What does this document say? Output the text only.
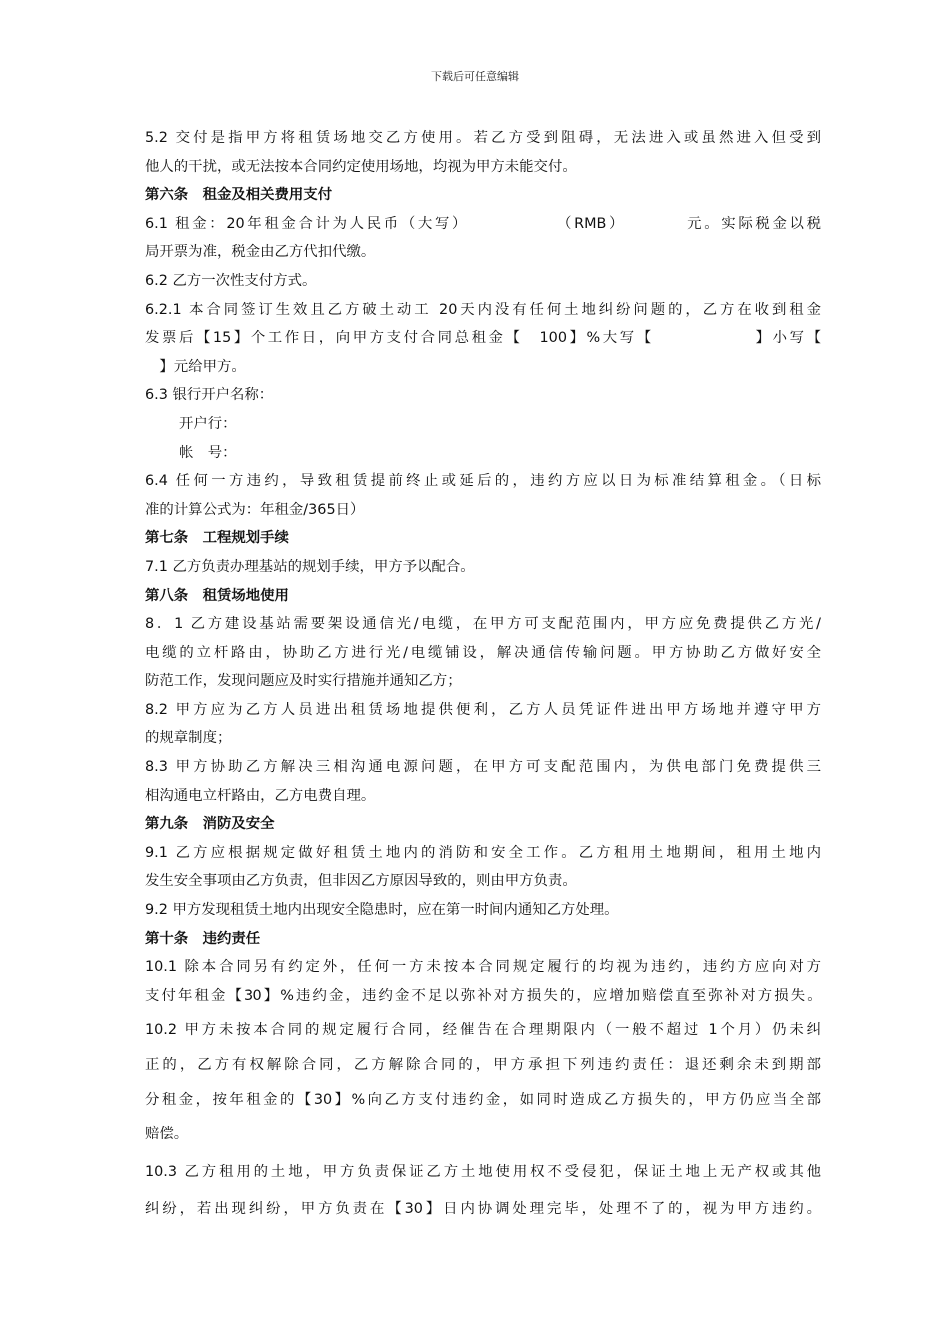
下载后可任意编辑
5.2 交付是指甲方将租赁场地交乙方使用。若乙方受到阻碍，无法进入或虽然进入但受到
他人的干扰，或无法按本合同约定使用场地，均视为甲方未能交付。
第六条　租金及相关费用支付
6.1 租金：20年租金合计为人民币（大写）　　　　　　（RMB）　　　　元。实际税金以税
局开票为准，税金由乙方代扣代缴。
6.2 乙方一次性支付方式。
6.2.1 本合同签订生效且乙方破土动工 20天内没有任何土地纠纷问题的，乙方在收到租金
发票后【15】个工作日，向甲方支付合同总租金【　100】%大写【　　　　　　】小写【
　】元给甲方。
6.3 银行开户名称：
开户行：
帐　号：
6.4 任何一方违约，导致租赁提前终止或延后的，违约方应以日为标准结算租金。（日标
准的计算公式为：年租金/365日）
第七条　工程规划手续
7.1 乙方负责办理基站的规划手续，甲方予以配合。
第八条　租赁场地使用
8．1 乙方建设基站需要架设通信光/电缆，在甲方可支配范围内，甲方应免费提供乙方光/
电缆的立杆路由，协助乙方进行光/电缆铺设，解决通信传输问题。甲方协助乙方做好安全
防范工作，发现问题应及时实行措施并通知乙方；
8.2 甲方应为乙方人员进出租赁场地提供便利，乙方人员凭证件进出甲方场地并遵守甲方
的规章制度；
8.3 甲方协助乙方解决三相沟通电源问题，在甲方可支配范围内，为供电部门免费提供三
相沟通电立杆路由，乙方电费自理。
第九条　消防及安全
9.1 乙方应根据规定做好租赁土地内的消防和安全工作。乙方租用土地期间，租用土地内
发生安全事项由乙方负责，但非因乙方原因导致的，则由甲方负责。
9.2 甲方发现租赁土地内出现安全隐患时，应在第一时间内通知乙方处理。
第十条　违约责任
10.1 除本合同另有约定外，任何一方未按本合同规定履行的均视为违约，违约方应向对方
支付年租金【30】%违约金，违约金不足以弥补对方损失的，应增加赔偿直至弥补对方损失。
10.2 甲方未按本合同的规定履行合同，经催告在合理期限内（一般不超过 1个月）仍未纠
正的，乙方有权解除合同，乙方解除合同的，甲方承担下列违约责任：退还剩余未到期部
分租金，按年租金的【30】%向乙方支付违约金，如同时造成乙方损失的，甲方仍应当全部
赔偿。
10.3 乙方租用的土地，甲方负责保证乙方土地使用权不受侵犯，保证土地上无产权或其他
纠纷，若出现纠纷，甲方负责在【30】日内协调处理完毕，处理不了的，视为甲方违约。
